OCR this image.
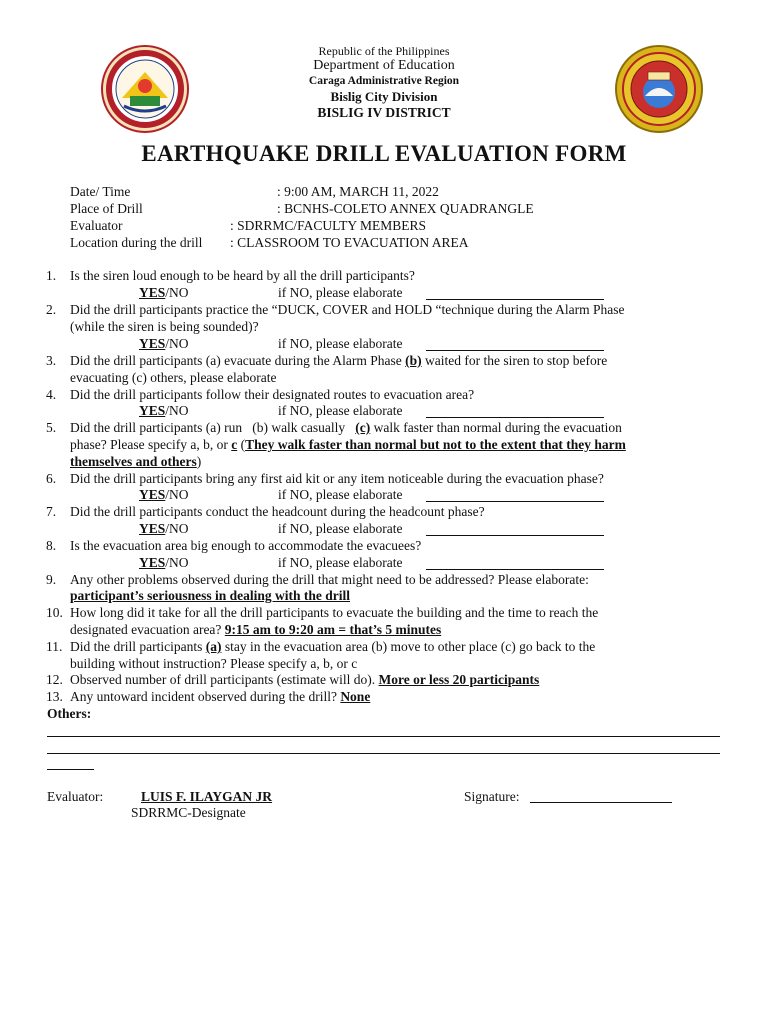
Republic of the Philippines
Department of Education
Caraga Administrative Region
Bislig City Division
BISLIG IV DISTRICT
EARTHQUAKE DRILL EVALUATION FORM
Date/ Time	: 9:00 AM, MARCH 11, 2022
Place of Drill	: BCNHS-COLETO ANNEX QUADRANGLE
Evaluator	: SDRRMC/FACULTY MEMBERS
Location during the drill : CLASSROOM TO EVACUATION AREA
1. Is the siren loud enough to be heard by all the drill participants?
YES/NO	if NO, please elaborate
2. Did the drill participants practice the “DUCK, COVER and HOLD “technique during the Alarm Phase
(while the siren is being sounded)?
YES/NO	if NO, please elaborate
3. Did the drill participants (a) evacuate during the Alarm Phase (b) waited for the siren to stop before
evacuating (c) others, please elaborate
4. Did the drill participants follow their designated routes to evacuation area?
YES/NO	if NO, please elaborate
5. Did the drill participants (a) run   (b) walk casually   (c) walk faster than normal during the evacuation
phase? Please specify a, b, or c (They walk faster than normal but not to the extent that they harm
themselves and others)
6. Did the drill participants bring any first aid kit or any item noticeable during the evacuation phase?
YES/NO	if NO, please elaborate
7. Did the drill participants conduct the headcount during the headcount phase?
YES/NO	if NO, please elaborate
8. Is the evacuation area big enough to accommodate the evacuees?
YES/NO	if NO, please elaborate
9. Any other problems observed during the drill that might need to be addressed? Please elaborate:
participant’s seriousness in dealing with the drill
10. How long did it take for all the drill participants to evacuate the building and the time to reach the
designated evacuation area? 9:15 am to 9:20 am = that’s 5 minutes
11. Did the drill participants (a) stay in the evacuation area (b) move to other place (c) go back to the
building without instruction? Please specify a, b, or c
12. Observed number of drill participants (estimate will do). More or less 20 participants
13. Any untoward incident observed during the drill? None
Others:
Evaluator:	LUIS F. ILAYGAN JR
SDRRMC-Designate
Signature:
